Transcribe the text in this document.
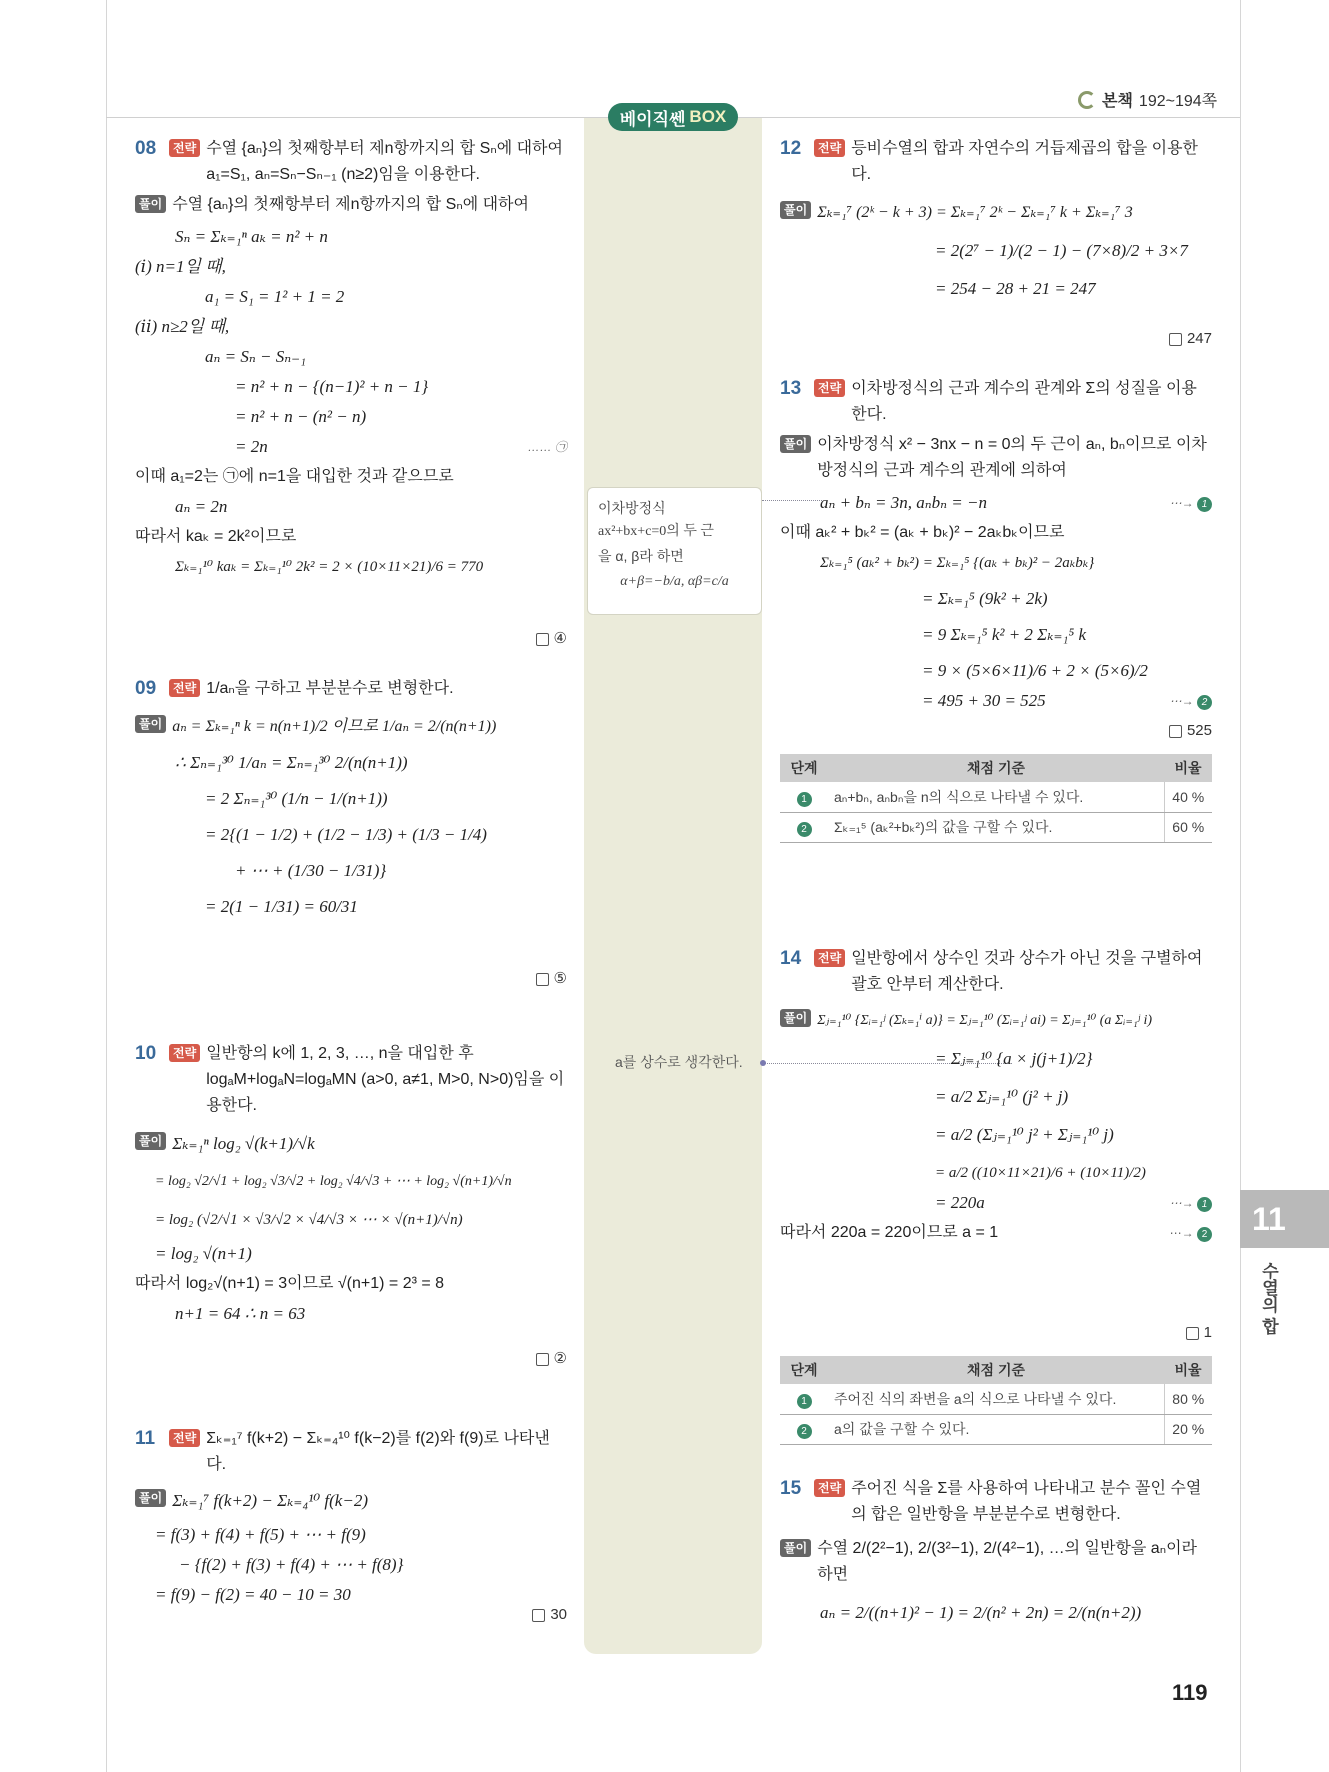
본책 192~194쪽
베이직쎈 BOX
이차방정식
ax²+bx+c=0의 두 근
을 α, β라 하면
α+β=−b/a, αβ=c/a
a를 상수로 생각한다.
08	전략 수열 {aₙ}의 첫째항부터 제n항까지의 합 Sₙ에 대하여 a₁=S₁, aₙ=Sₙ−Sₙ₋₁ (n≥2)임을 이용한다.
풀이 수열 {aₙ}의 첫째항부터 제n항까지의 합 Sₙ에 대하여
Sₙ = Σₖ₌₁ⁿ aₖ = n² + n
(ⅰ) n=1일 때,
a₁ = S₁ = 1² + 1 = 2
(ⅱ) n≥2일 때,
aₙ = Sₙ − Sₙ₋₁
= n² + n − {(n−1)² + n − 1}
= n² + n − (n² − n)
= 2n	…… ㉠
이때 a₁=2는 ㉠에 n=1을 대입한 것과 같으므로
aₙ = 2n
따라서 kaₖ = 2k²이므로
Σₖ₌₁¹⁰ kaₖ = Σₖ₌₁¹⁰ 2k² = 2 × (10×11×21)/6 = 770
④
09	전략 1/aₙ을 구하고 부분분수로 변형한다.
풀이 aₙ = Σₖ₌₁ⁿ k = n(n+1)/2 이므로 1/aₙ = 2/(n(n+1))
∴ Σₙ₌₁³⁰ 1/aₙ = Σₙ₌₁³⁰ 2/(n(n+1))
= 2 Σₙ₌₁³⁰ (1/n − 1/(n+1))
= 2{(1 − 1/2) + (1/2 − 1/3) + (1/3 − 1/4)
+ ⋯ + (1/30 − 1/31)}
= 2(1 − 1/31) = 60/31
⑤
10	전략 일반항의 k에 1, 2, 3, …, n을 대입한 후 logₐM+logₐN=logₐMN (a>0, a≠1, M>0, N>0)임을 이용한다.
풀이 Σₖ₌₁ⁿ log₂ √(k+1)/√k
= log₂ √2/√1 + log₂ √3/√2 + log₂ √4/√3 + ⋯ + log₂ √(n+1)/√n
= log₂ (√2/√1 × √3/√2 × √4/√3 × ⋯ × √(n+1)/√n)
= log₂ √(n+1)
따라서 log₂√(n+1) = 3이므로 √(n+1) = 2³ = 8
n+1 = 64 ∴ n = 63
②
11	전략 Σₖ₌₁⁷ f(k+2) − Σₖ₌₄¹⁰ f(k−2)를 f(2)와 f(9)로 나타낸다.
풀이 Σₖ₌₁⁷ f(k+2) − Σₖ₌₄¹⁰ f(k−2)
= f(3) + f(4) + f(5) + ⋯ + f(9)
− {f(2) + f(3) + f(4) + ⋯ + f(8)}
= f(9) − f(2) = 40 − 10 = 30
30
12	전략 등비수열의 합과 자연수의 거듭제곱의 합을 이용한다.
풀이 Σₖ₌₁⁷ (2ᵏ − k + 3) = Σₖ₌₁⁷ 2ᵏ − Σₖ₌₁⁷ k + Σₖ₌₁⁷ 3
= 2(2⁷ − 1)/(2 − 1) − (7×8)/2 + 3×7
= 254 − 28 + 21 = 247
247
13	전략 이차방정식의 근과 계수의 관계와 Σ의 성질을 이용한다.
풀이 이차방정식 x² − 3nx − n = 0의 두 근이 aₙ, bₙ이므로 이차방정식의 근과 계수의 관계에 의하여
aₙ + bₙ = 3n, aₙbₙ = −n	⋯→ 1
이때 aₖ² + bₖ² = (aₖ + bₖ)² − 2aₖbₖ이므로
Σₖ₌₁⁵ (aₖ² + bₖ²) = Σₖ₌₁⁵ {(aₖ + bₖ)² − 2aₖbₖ}
= Σₖ₌₁⁵ (9k² + 2k)
= 9 Σₖ₌₁⁵ k² + 2 Σₖ₌₁⁵ k
= 9 × (5×6×11)/6 + 2 × (5×6)/2
= 495 + 30 = 525	⋯→ 2
525
단계	채점 기준	비율
1	aₙ+bₙ, aₙbₙ을 n의 식으로 나타낼 수 있다.	40 %
2	Σₖ₌₁⁵ (aₖ²+bₖ²)의 값을 구할 수 있다.	60 %
14	전략 일반항에서 상수인 것과 상수가 아닌 것을 구별하여 괄호 안부터 계산한다.
풀이 Σⱼ₌₁¹⁰ {Σᵢ₌₁ʲ (Σₖ₌₁ⁱ a)} = Σⱼ₌₁¹⁰ (Σᵢ₌₁ʲ ai) = Σⱼ₌₁¹⁰ (a Σᵢ₌₁ʲ i)
= Σⱼ₌₁¹⁰ {a × j(j+1)/2}
= a/2 Σⱼ₌₁¹⁰ (j² + j)
= a/2 (Σⱼ₌₁¹⁰ j² + Σⱼ₌₁¹⁰ j)
= a/2 ((10×11×21)/6 + (10×11)/2)
= 220a	⋯→ 1
따라서 220a = 220이므로 a = 1	⋯→ 2
1
단계	채점 기준	비율
1	주어진 식의 좌변을 a의 식으로 나타낼 수 있다.	80 %
2	a의 값을 구할 수 있다.	20 %
15	전략 주어진 식을 Σ를 사용하여 나타내고 분수 꼴인 수열의 합은 일반항을 부분분수로 변형한다.
풀이 수열 2/(2²−1), 2/(3²−1), 2/(4²−1), …의 일반항을 aₙ이라 하면
aₙ = 2/((n+1)² − 1) = 2/(n² + 2n) = 2/(n(n+2))
11
수열의 합
119
